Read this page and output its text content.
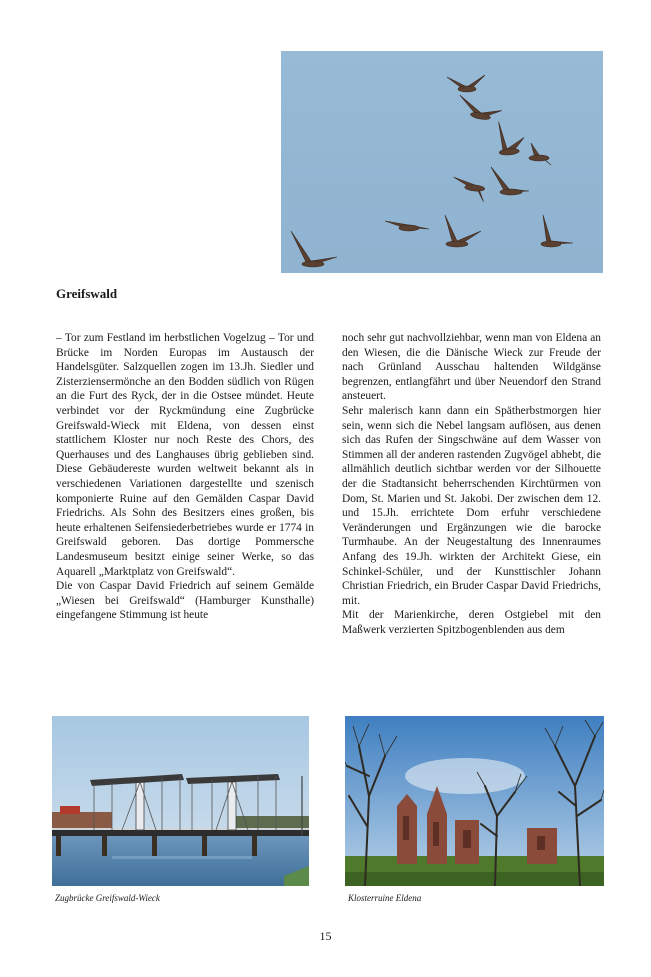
Greifswald

– Tor zum Festland im herbstlichen Vogelzug – Tor und Brücke im Norden Europas im Austausch der Handelsgüter. Salzquellen zogen im 13.Jh. Siedler und Zisterziensermönche an den Bodden südlich von Rügen an die Furt des Ryck, der in die Ostsee mündet. Heute verbindet vor der Ryckmündung eine Zugbrücke Greifswald-Wieck mit Eldena, von dessen einst stattlichem Kloster nur noch Reste des Chors, des Querhauses und des Langhauses übrig geblieben sind. Diese Gebäudereste wurden weltweit bekannt als in verschiedenen Variationen dargestellte und szenisch komponierte Ruine auf den Gemälden Caspar David Friedrichs. Als Sohn des Besitzers eines großen, bis heute erhaltenen Seifensiederbetriebes wurde er 1774 in Greifswald geboren. Das dortige Pommersche Landesmuseum besitzt einige seiner Werke, so das Aquarell „Marktplatz von Greifswald“.

Die von Caspar David Friedrich auf seinem Gemälde „Wiesen bei Greifswald“ (Hamburger Kunsthalle) eingefangene Stimmung ist heute

noch sehr gut nachvollziehbar, wenn man von Eldena an den Wiesen, die die Dänische Wieck zur Freude der nach Grünland Ausschau haltenden Wildgänse begrenzen, entlangfährt und über Neuendorf den Strand ansteuert.

Sehr malerisch kann dann ein Spätherbstmorgen hier sein, wenn sich die Nebel langsam auflösen, aus denen sich das Rufen der Singschwäne auf dem Wasser von Stimmen all der anderen rastenden Zugvögel abhebt, die allmählich deutlich sichtbar werden vor der Silhouette der die Stadtansicht beherrschenden Kirchtürmen von Dom, St. Marien und St. Jakobi. Der zwischen dem 12. und 15.Jh. errichtete Dom erfuhr verschiedene Veränderungen und Ergänzungen wie die barocke Turmhaube. An der Neugestaltung des Innenraumes Anfang des 19.Jh. wirkten der Architekt Giese, ein Schinkel-Schüler, und der Kunsttischler Johann Christian Friedrich, ein Bruder Caspar David Friedrichs, mit.

Mit der Marienkirche, deren Ostgiebel mit den Maßwerk verzierten Spitzbogenblenden aus dem

Zugbrücke Greifswald-Wieck	Klosterruine Eldena
15
